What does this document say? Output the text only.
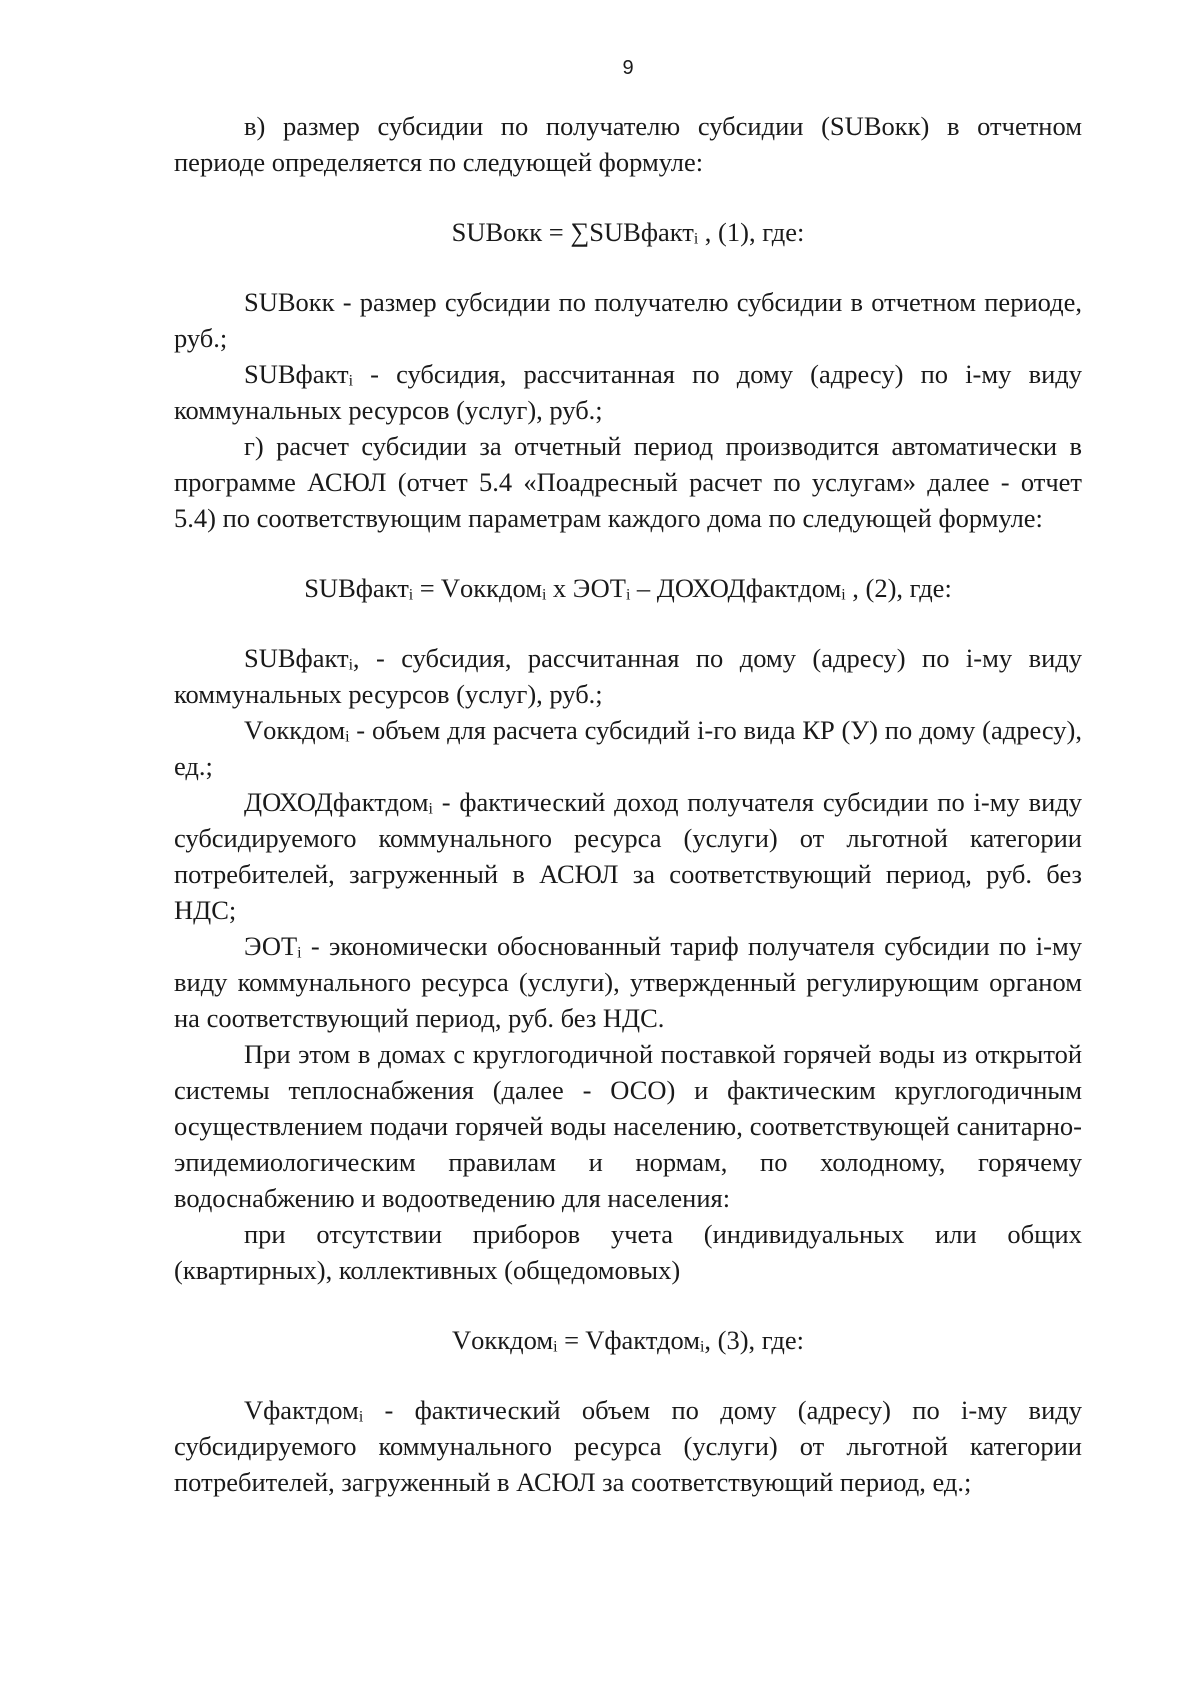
9

в) размер субсидии по получателю субсидии (SUBокк) в отчетном периоде определяется по следующей формуле:

SUBокк = ∑SUBфактᵢ , (1), где:

SUBокк - размер субсидии по получателю субсидии в отчетном периоде, руб.;

SUBфактᵢ - субсидия, рассчитанная по дому (адресу) по i-му виду коммунальных ресурсов (услуг), руб.;

г) расчет субсидии за отчетный период производится автоматически в программе АСЮЛ (отчет 5.4 «Поадресный расчет по услугам» далее - отчет 5.4) по соответствующим параметрам каждого дома по следующей формуле:

SUBфактᵢ = Vоккдомᵢ х ЭОТᵢ – ДОХОДфактдомᵢ , (2), где:

SUBфактᵢ, - субсидия, рассчитанная по дому (адресу) по i-му виду коммунальных ресурсов (услуг), руб.;

Vоккдомᵢ - объем для расчета субсидий i-го вида КР (У) по дому (адресу), ед.;

ДОХОДфактдомᵢ - фактический доход получателя субсидии по i-му виду субсидируемого коммунального ресурса (услуги) от льготной категории потребителей, загруженный в АСЮЛ за соответствующий период, руб. без НДС;

ЭОТᵢ - экономически обоснованный тариф получателя субсидии по i-му виду коммунального ресурса (услуги), утвержденный регулирующим органом на соответствующий период, руб. без НДС.

При этом в домах с круглогодичной поставкой горячей воды из открытой системы теплоснабжения (далее - ОСО) и фактическим круглогодичным осуществлением подачи горячей воды населению, соответствующей санитарно-эпидемиологическим правилам и нормам, по холодному, горячему водоснабжению и водоотведению для населения:

при отсутствии приборов учета (индивидуальных или общих (квартирных), коллективных (общедомовых)

Vоккдомᵢ = Vфактдомᵢ, (3), где:

Vфактдомᵢ - фактический объем по дому (адресу) по i-му виду субсидируемого коммунального ресурса (услуги) от льготной категории потребителей, загруженный в АСЮЛ за соответствующий период, ед.;
